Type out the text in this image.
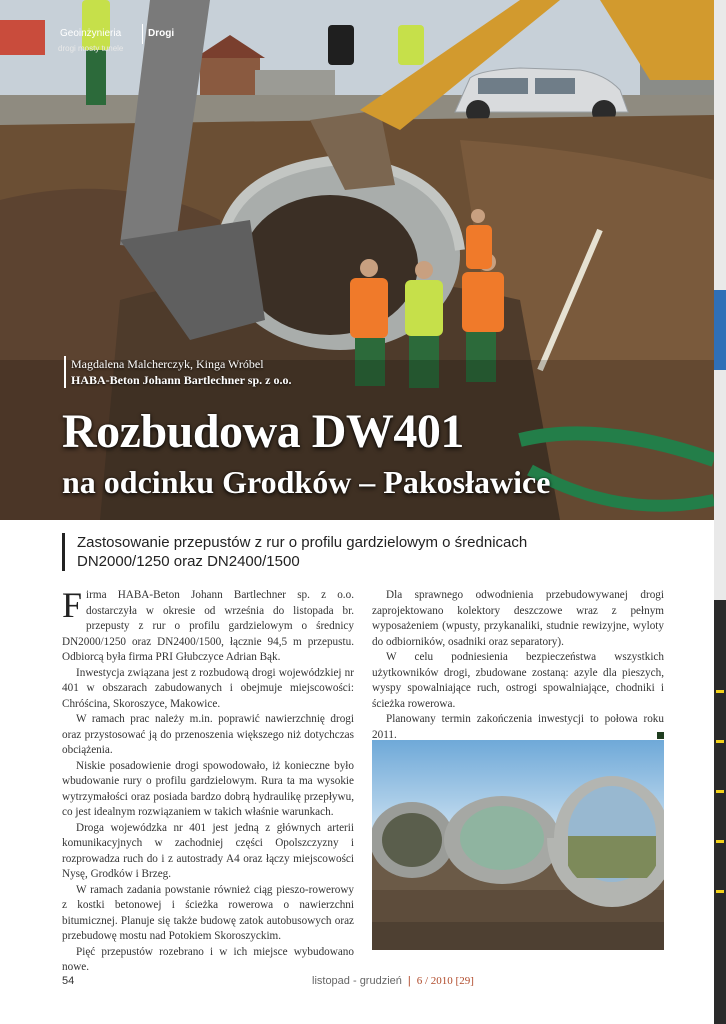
Geoinżynieria
drogi mosty tunele
Drogi
Magdalena Malcherczyk, Kinga Wróbel
HABA-Beton Johann Bartlechner sp. z o.o.
Rozbudowa DW401
na odcinku Grodków – Pakosławice
Zastosowanie przepustów z rur o profilu gardzielowym o średnicach DN2000/1250 oraz DN2400/1500

Firma HABA-Beton Johann Bartlechner sp. z o.o. dostarczyła w okresie od września do listopada br. przepusty z rur o profilu gardzielowym o średnicy DN2000/1250 oraz DN2400/1500, łącznie 94,5 m przepustu. Odbiorcą była firma PRI Głubczyce Adrian Bąk.

Inwestycja związana jest z rozbudową drogi wojewódzkiej nr 401 w obszarach zabudowanych i obejmuje miejscowości: Chróścina, Skoroszyce, Makowice.

W ramach prac należy m.in. poprawić nawierzchnię drogi oraz przystosować ją do przenoszenia większego niż dotychczas obciążenia.

Niskie posadowienie drogi spowodowało, iż konieczne było wbudowanie rury o profilu gardzielowym. Rura ta ma wysokie wytrzymałości oraz posiada bardzo dobrą hydraulikę przepływu, co jest idealnym rozwiązaniem w takich właśnie warunkach.

Droga wojewódzka nr 401 jest jedną z głównych arterii komunikacyjnych w zachodniej części Opolszczyzny i rozprowadza ruch do i z autostrady A4 oraz łączy miejscowości Nysę, Grodków i Brzeg.

W ramach zadania powstanie również ciąg pieszo-rowerowy z kostki betonowej i ścieżka rowerowa o nawierzchni bitumicznej. Planuje się także budowę zatok autobusowych oraz przebudowę mostu nad Potokiem Skoroszyckim.

Pięć przepustów rozebrano i w ich miejsce wybudowano nowe.

Dla sprawnego odwodnienia przebudowywanej drogi zaprojektowano kolektory deszczowe wraz z pełnym wyposażeniem (wpusty, przykanaliki, studnie rewizyjne, wyloty do odbiorników, osadniki oraz separatory).

W celu podniesienia bezpieczeństwa wszystkich użytkowników drogi, zbudowane zostaną: azyle dla pieszych, wyspy spowalniające ruch, ostrogi spowalniające, chodniki i ścieżka rowerowa.

Planowany termin zakończenia inwestycji to połowa roku 2011.

54	listopad - grudzień | 6 / 2010 [29]
